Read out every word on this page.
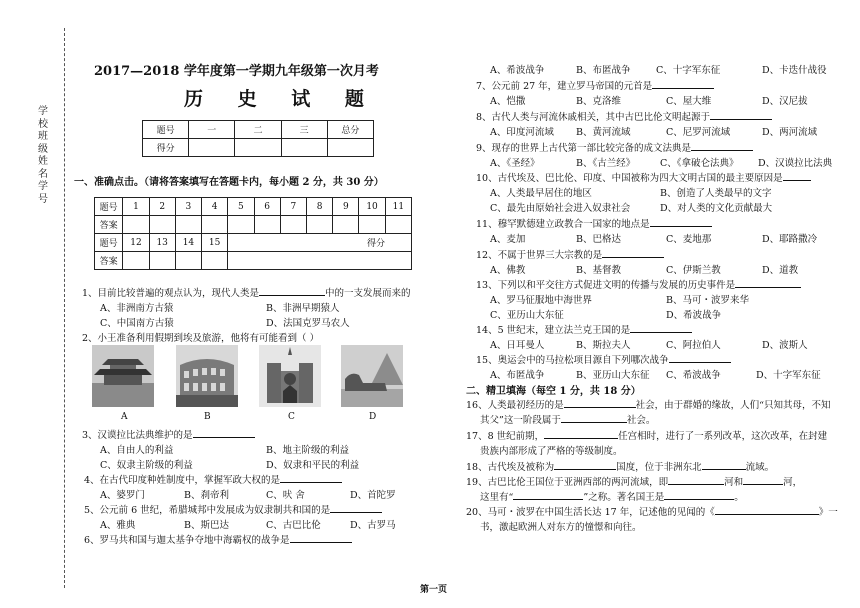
学校
班级
姓名
学号
2017—2018 学年度第一学期九年级第一次月考
历 史 试 题
题号	一	二	三	总分
得分				
一、准确点击。（请将答案填写在答题卡内，每小题 2 分，共 30 分）
题号	1	2	3	4	5	6	7	8	9	10	11
答案											
题号	12	13	14	15	得分						
答案											
1、目前比较普遍的观点认为，现代人类是	中的一支发展而来的
A、非洲南方古猿	B、非洲早期猿人
C、中国南方古猿	D、法国克罗马农人
2、小王准备利用假期到埃及旅游，他将有可能看到（ ）
A	B	C	D
3、汉谟拉比法典维护的是
A、自由人的利益	B、地主阶级的利益
C、奴隶主阶级的利益	D、奴隶和平民的利益
4、在古代印度种姓制度中，掌握军政大权的是
A、婆罗门	B、刹帝利	C、吠 舍	D、首陀罗
5、公元前 6 世纪，希腊城邦中发展成为奴隶制共和国的是
A、雅典	B、斯巴达	C、古巴比伦	D、古罗马
6、罗马共和国与迦太基争夺地中海霸权的战争是
第一页
A、希波战争	B、布匿战争	C、十字军东征	D、卡迭什战役
7、公元前 27 年，建立罗马帝国的元首是
A、恺撒	B、克洛维	C、屋大维	D、汉尼拔
8、古代人类与河流休戚相关，其中古巴比伦文明起源于
A、印度河流域 B、黄河流域	C、尼罗河流域	D、两河流域
9、现存的世界上古代第一部比较完备的成文法典是
A、《圣经》	B、《古兰经》	C、《拿破仑法典》 D、汉谟拉比法典
10、古代埃及、巴比伦、印度、中国被称为四大文明古国的最主要原因是
A、人类最早居住的地区	B、创造了人类最早的文字
C、最先由原始社会进入奴隶社会	D、对人类的文化贡献最大
11、穆罕默德建立政教合一国家的地点是
A、麦加	B、巴格达	C、麦地那	D、耶路撒冷
12、不属于世界三大宗教的是
A、佛教	B、基督教	C、伊斯兰教	D、道教
13、下列以和平交往方式促进文明的传播与发展的历史事件是
A、罗马征服地中海世界	B、马可・波罗来华
C、亚历山大东征	D、希波战争
14、5 世纪末，建立法兰克王国的是
A、日耳曼人	B、斯拉夫人	C、阿拉伯人	D、波斯人
15、奥运会中的马拉松项目源自下列哪次战争
A、布匿战争	B、亚历山大东征 C、希波战争	D、十字军东征
二、精卫填海（每空 1 分，共 18 分）
16、人类最初经历的是	社会，由于群婚的缘故，人们“只知其母，不知
其父”这一阶段属于	社会。
17、8 世纪前期，	任宫相时，进行了一系列改革，这次改革，在封建
贵族内部形成了严格的等级制度。
18、古代埃及被称为	国度，位于非洲东北	流域。
19、古巴比伦王国位于亚洲西部的两河流域，即	河和	河，
这里有“	”之称。著名国王是	。
20、马可・波罗在中国生活长达 17 年，记述他的见闻的《	》一
书，激起欧洲人对东方的憧憬和向往。
